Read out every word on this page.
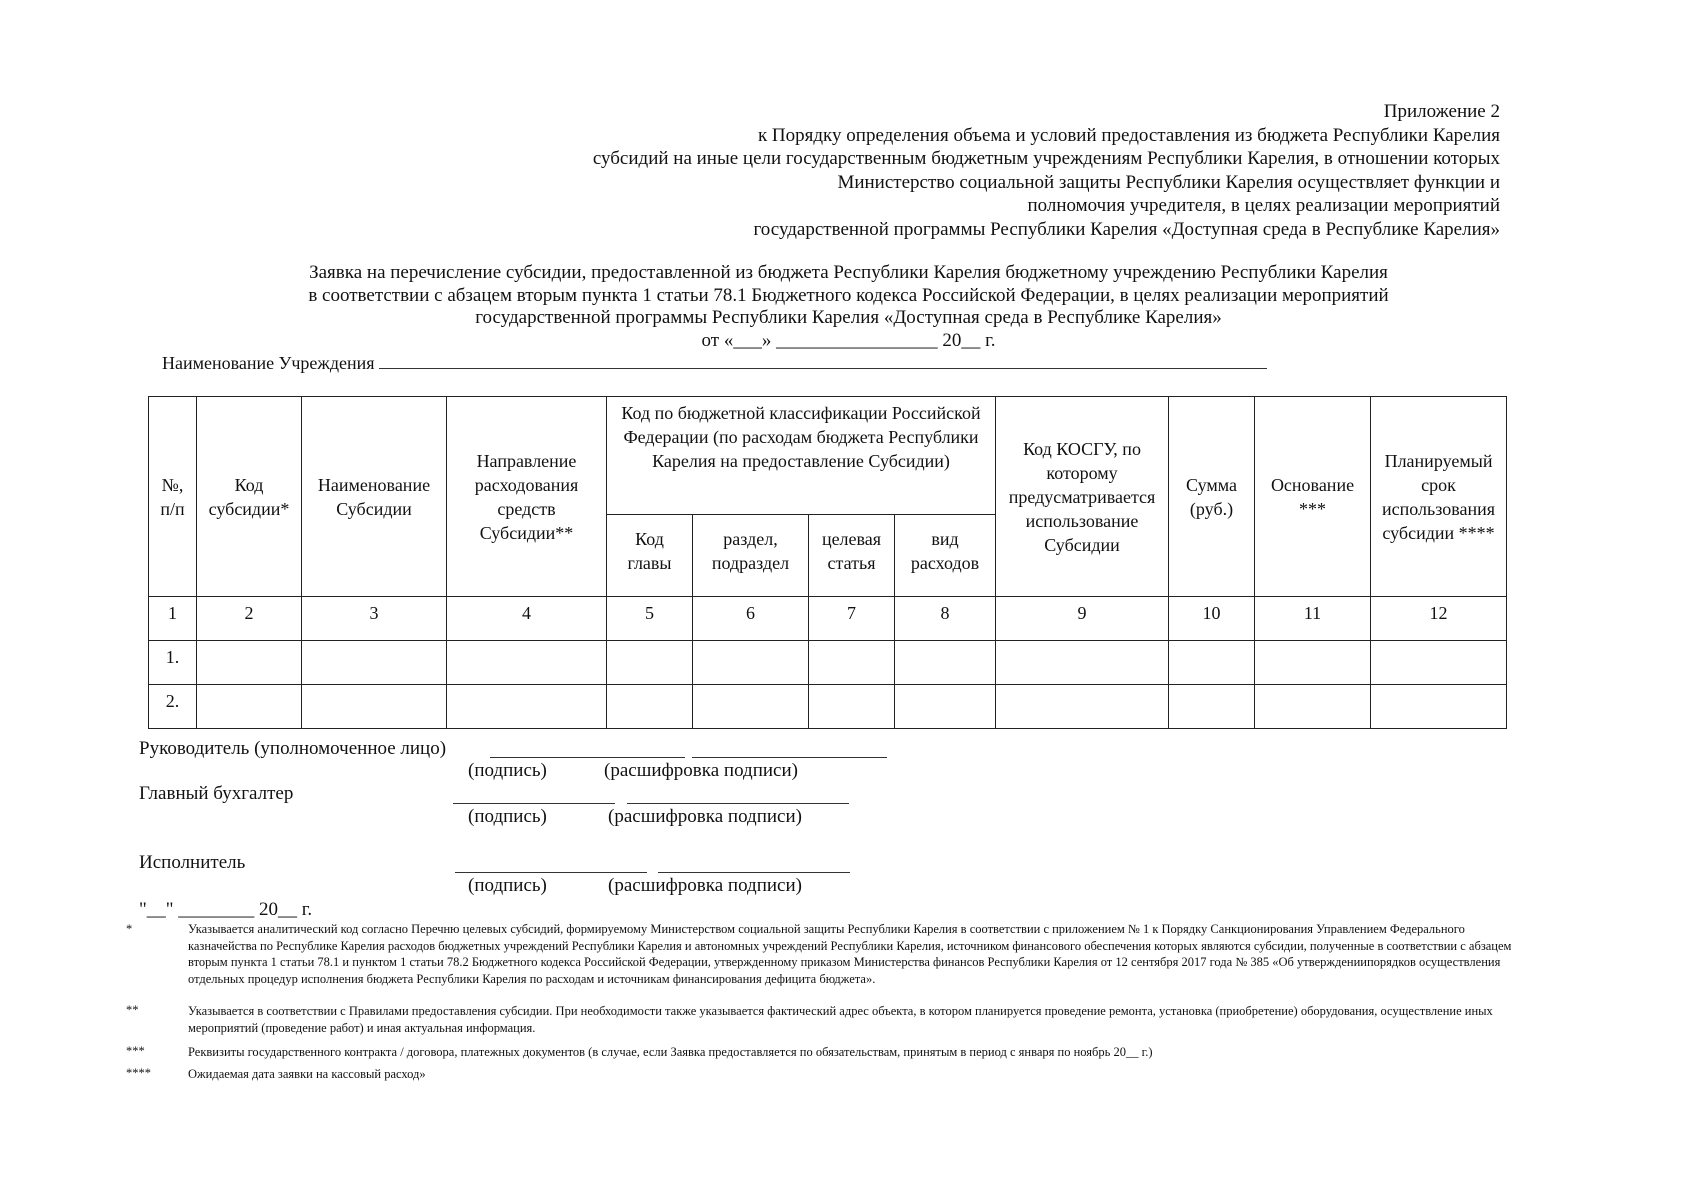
Приложение 2
к Порядку определения объема и условий предоставления из бюджета Республики Карелия
субсидий на иные цели государственным бюджетным учреждениям Республики Карелия, в отношении которых
Министерство социальной защиты Республики Карелия осуществляет функции и
полномочия учредителя, в целях реализации мероприятий
государственной программы Республики Карелия «Доступная среда в Республике Карелия»
Заявка на перечисление субсидии, предоставленной из бюджета Республики Карелия бюджетному учреждению Республики Карелия
в соответствии с абзацем вторым пункта 1 статьи 78.1 Бюджетного кодекса Российской Федерации, в целях реализации мероприятий
государственной программы Республики Карелия «Доступная среда в Республике Карелия»
от «___» _________________ 20__ г.
Наименование Учреждения
№, п/п	Код субсидии*	Наименование Субсидии	Направление расходования средств Субсидии**	Код по бюджетной классификации Российской Федерации (по расходам бюджета Республики Карелия на предоставление Субсидии)				Код КОСГУ, по которому предусматривается использование Субсидии	Сумма (руб.)	Основание ***	Планируемый срок использования субсидии ****
				Код главы	раздел, подраздел	целевая статья	вид расходов				
1	2	3	4	5	6	7	8	9	10	11	12
1.											
2.											
Руководитель (уполномоченное лицо)
(подпись)	(расшифровка подписи)
Главный бухгалтер
(подпись)	(расшифровка подписи)
Исполнитель
(подпись)	(расшифровка подписи)
"__" ________ 20__ г.
*	Указывается аналитический код согласно Перечню целевых субсидий, формируемому Министерством социальной защиты Республики Карелия в соответствии с приложением № 1 к Порядку Санкционирования Управлением Федерального казначейства по Республике Карелия расходов бюджетных учреждений Республики Карелия и автономных учреждений Республики Карелия, источником финансового обеспечения которых являются субсидии, полученные в соответствии с абзацем вторым пункта 1 статьи 78.1 и пунктом 1 статьи 78.2 Бюджетного кодекса Российской Федерации, утвержденному приказом Министерства финансов Республики Карелия от 12 сентября 2017 года № 385 «Об утверждениипорядков осуществления отдельных процедур исполнения бюджета Республики Карелия по расходам и источникам финансирования дефицита бюджета».
**	Указывается в соответствии с Правилами предоставления субсидии. При необходимости также указывается фактический адрес объекта, в котором планируется проведение ремонта, установка (приобретение) оборудования, осуществление иных мероприятий (проведение работ) и иная актуальная информация.
***	Реквизиты государственного контракта / договора, платежных документов (в случае, если Заявка предоставляется по обязательствам, принятым в период с января по ноябрь 20__ г.)
****	Ожидаемая дата заявки на кассовый расход»
